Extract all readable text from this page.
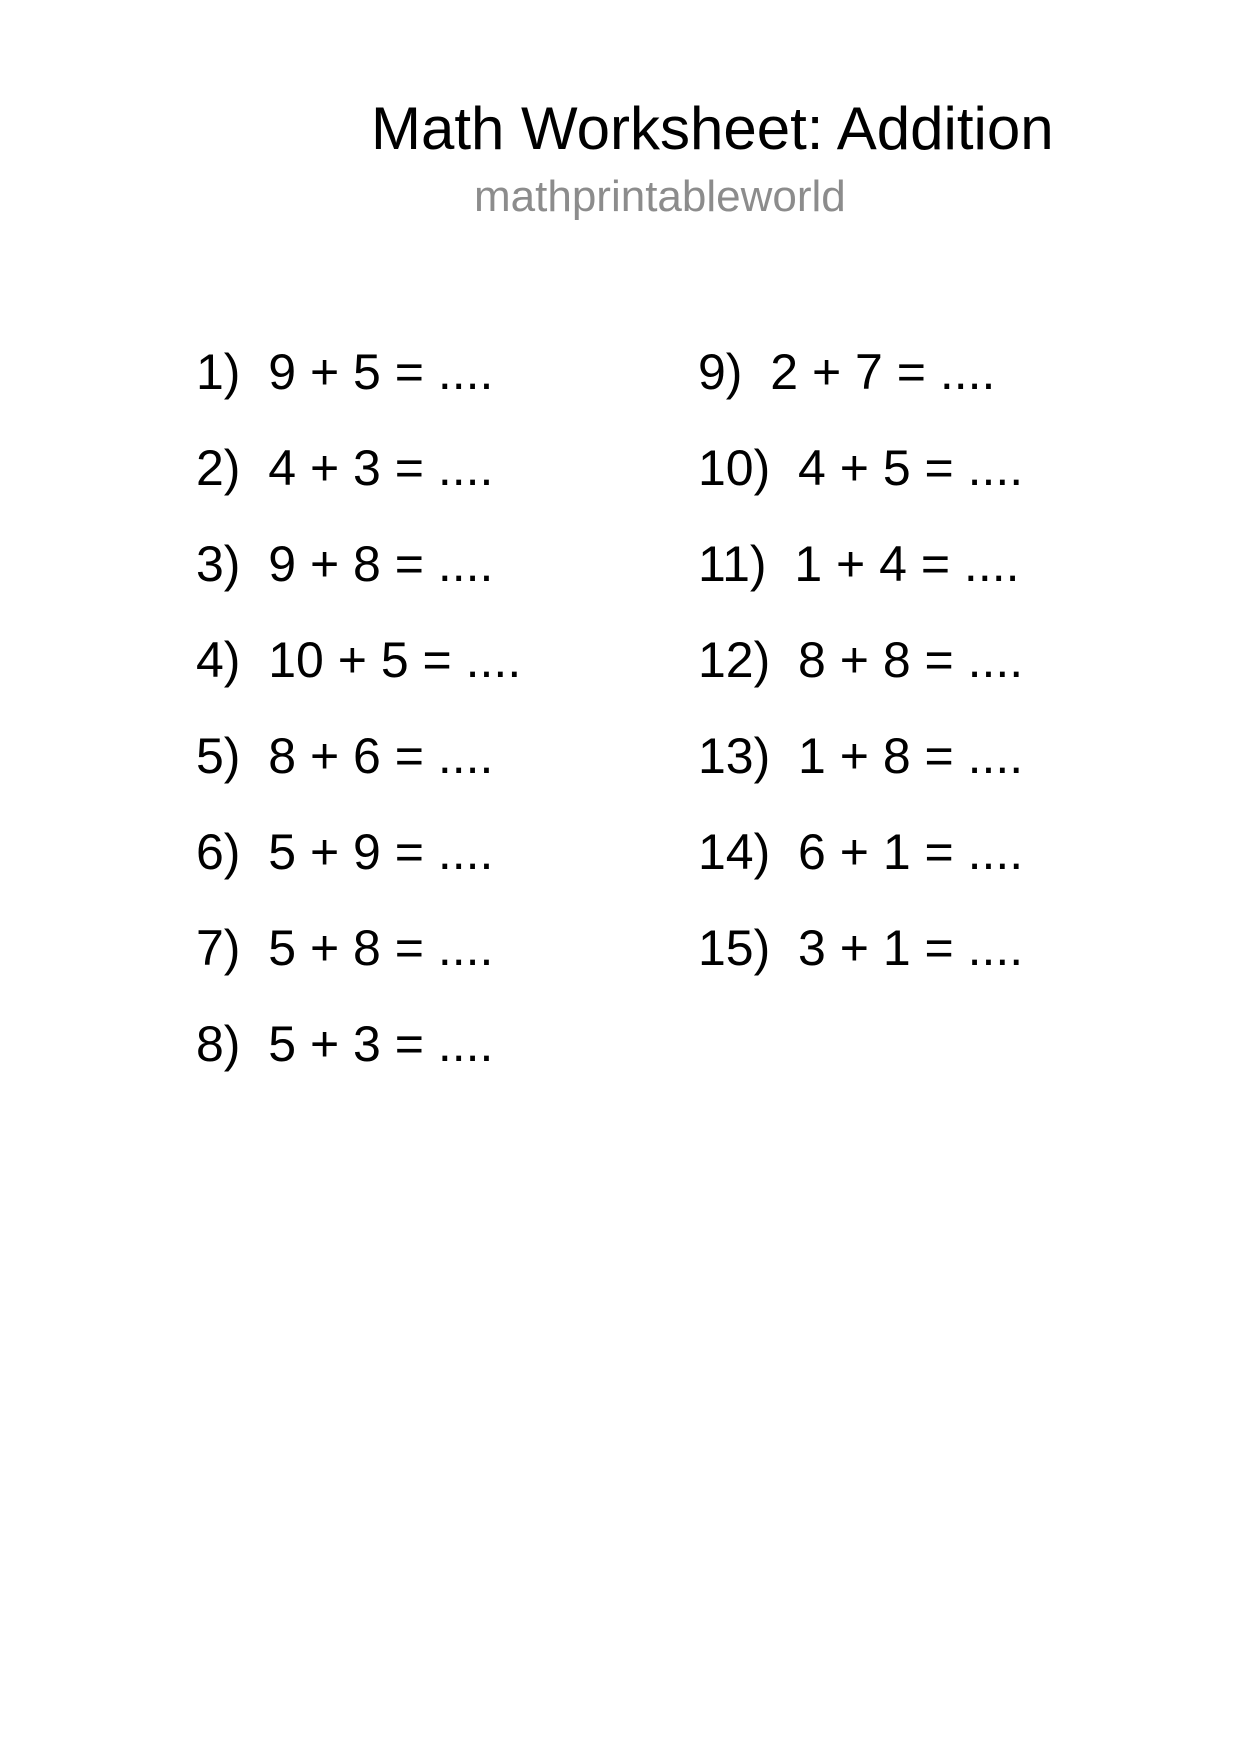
Math Worksheet: Addition
mathprintableworld
1)  9 + 5 = ....
2)  4 + 3 = ....
3)  9 + 8 = ....
4)  10 + 5 = ....
5)  8 + 6 = ....
6)  5 + 9 = ....
7)  5 + 8 = ....
8)  5 + 3 = ....
9)  2 + 7 = ....
10)  4 + 5 = ....
11)  1 + 4 = ....
12)  8 + 8 = ....
13)  1 + 8 = ....
14)  6 + 1 = ....
15)  3 + 1 = ....
